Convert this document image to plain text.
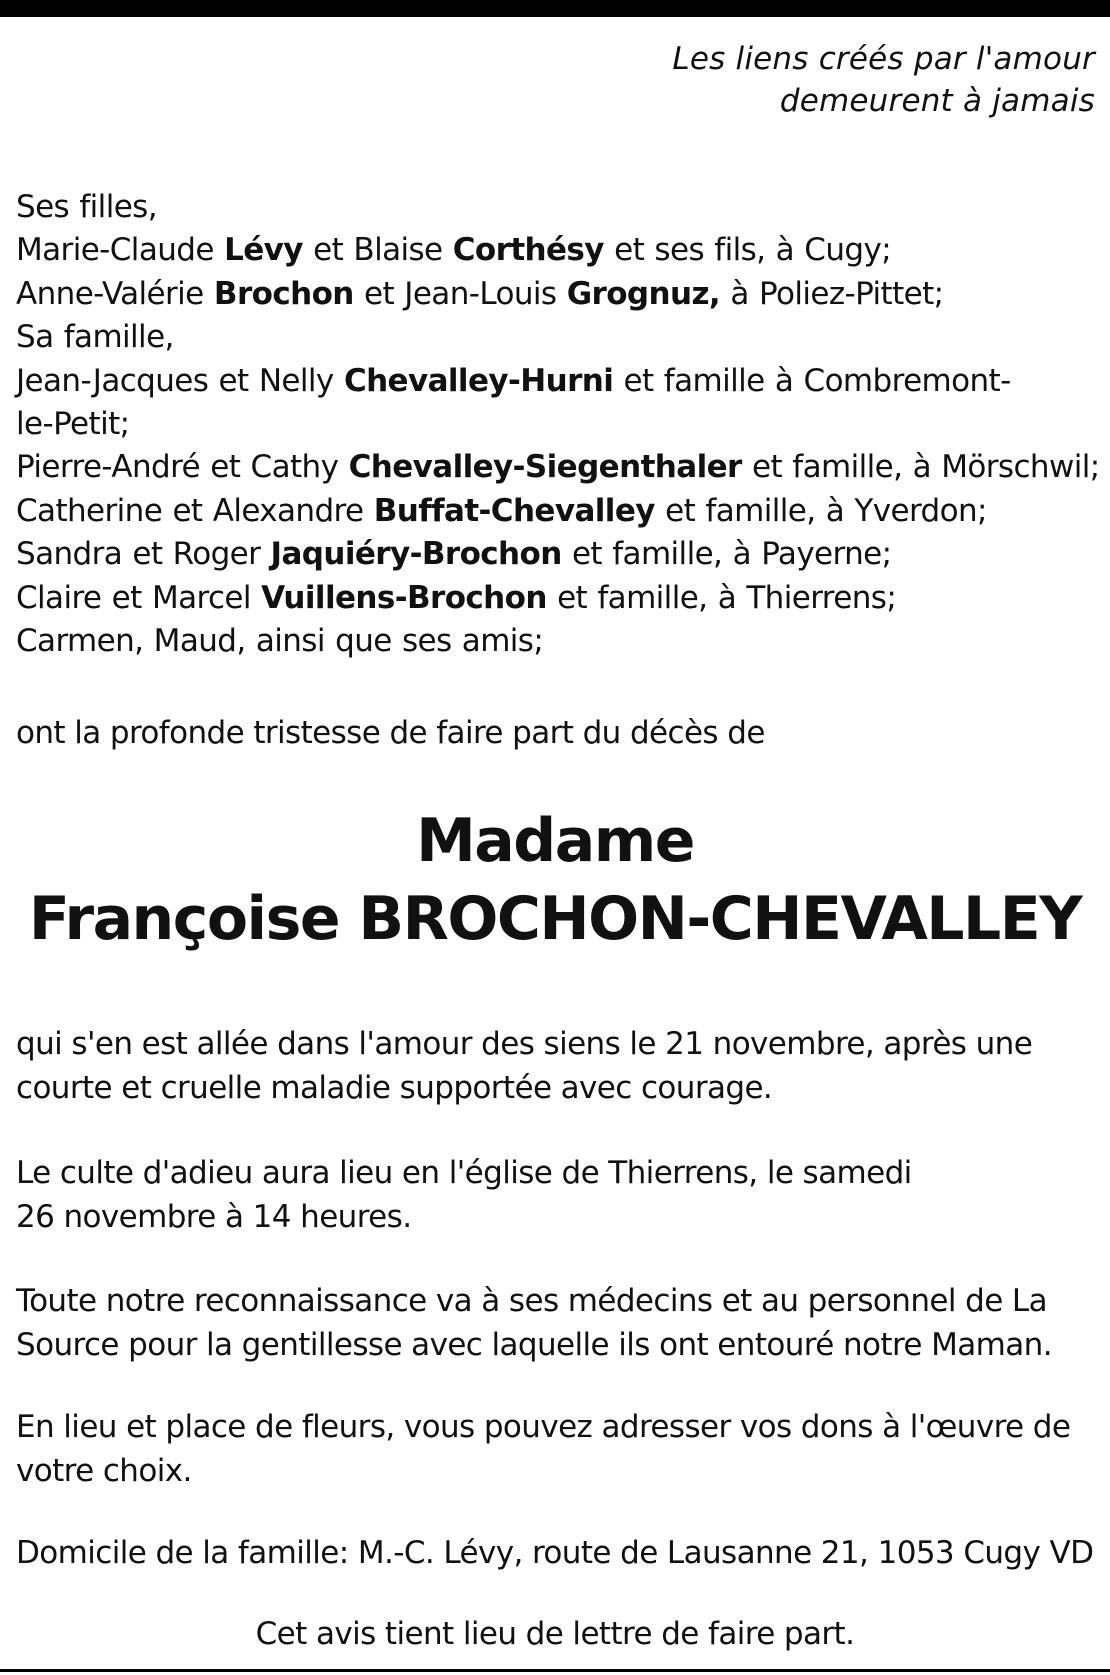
Les liens créés par l'amour
demeurent à jamais
Ses filles,
Marie-Claude Lévy et Blaise Corthésy et ses fils, à Cugy;
Anne-Valérie Brochon et Jean-Louis Grognuz, à Poliez-Pittet;
Sa famille,
Jean-Jacques et Nelly Chevalley-Hurni et famille à Combremont-
le-Petit;
Pierre-André et Cathy Chevalley-Siegenthaler et famille, à Mörschwil;
Catherine et Alexandre Buffat-Chevalley et famille, à Yverdon;
Sandra et Roger Jaquiéry-Brochon et famille, à Payerne;
Claire et Marcel Vuillens-Brochon et famille, à Thierrens;
Carmen, Maud, ainsi que ses amis;
ont la profonde tristesse de faire part du décès de
Madame
Françoise BROCHON-CHEVALLEY

qui s'en est allée dans l'amour des siens le 21 novembre, après une courte et cruelle maladie supportée avec courage.

Le culte d'adieu aura lieu en l'église de Thierrens, le samedi
26 novembre à 14 heures.

Toute notre reconnaissance va à ses médecins et au personnel de La Source pour la gentillesse avec laquelle ils ont entouré notre Maman.

En lieu et place de fleurs, vous pouvez adresser vos dons à l'œuvre de votre choix.

Domicile de la famille: M.-C. Lévy, route de Lausanne 21, 1053 Cugy VD

Cet avis tient lieu de lettre de faire part.
